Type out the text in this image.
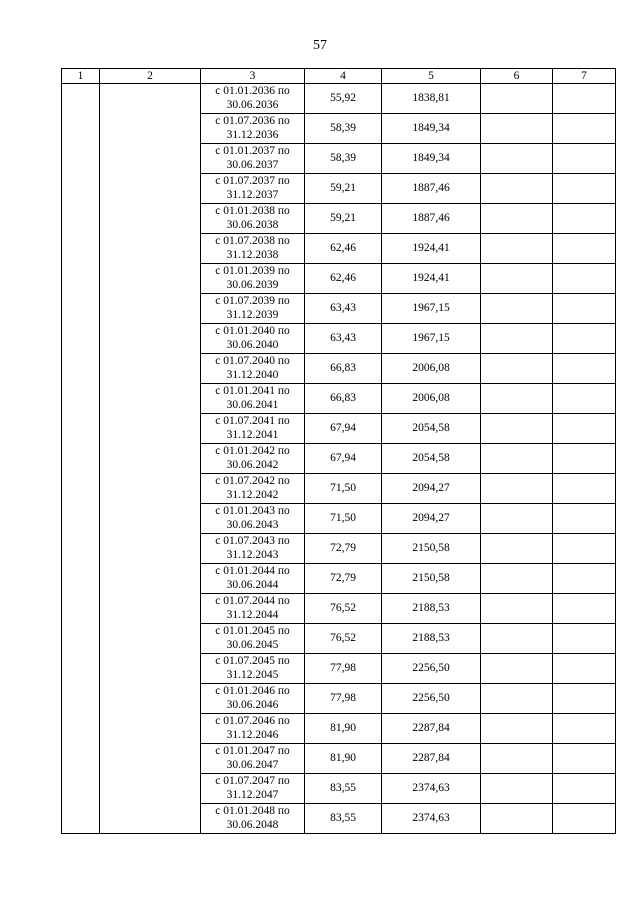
57
1	2	3	4	5	6	7

		с 01.01.2036 по
30.06.2036	55,92	1838,81		

		с 01.07.2036 по
31.12.2036	58,39	1849,34		

		с 01.01.2037 по
30.06.2037	58,39	1849,34		

		с 01.07.2037 по
31.12.2037	59,21	1887,46		

		с 01.01.2038 по
30.06.2038	59,21	1887,46		

		с 01.07.2038 по
31.12.2038	62,46	1924,41		

		с 01.01.2039 по
30.06.2039	62,46	1924,41		

		с 01.07.2039 по
31.12.2039	63,43	1967,15		

		с 01.01.2040 по
30.06.2040	63,43	1967,15		

		с 01.07.2040 по
31.12.2040	66,83	2006,08		

		с 01.01.2041 по
30.06.2041	66,83	2006,08		

		с 01.07.2041 по
31.12.2041	67,94	2054,58		

		с 01.01.2042 по
30.06.2042	67,94	2054,58		

		с 01.07.2042 по
31.12.2042	71,50	2094,27		

		с 01.01.2043 по
30.06.2043	71,50	2094,27		

		с 01.07.2043 по
31.12.2043	72,79	2150,58		

		с 01.01.2044 по
30.06.2044	72,79	2150,58		

		с 01.07.2044 по
31.12.2044	76,52	2188,53		

		с 01.01.2045 по
30.06.2045	76,52	2188,53		

		с 01.07.2045 по
31.12.2045	77,98	2256,50		

		с 01.01.2046 по
30.06.2046	77,98	2256,50		

		с 01.07.2046 по
31.12.2046	81,90	2287,84		

		с 01.01.2047 по
30.06.2047	81,90	2287,84		

		с 01.07.2047 по
31.12.2047	83,55	2374,63		

		с 01.01.2048 по
30.06.2048	83,55	2374,63		
